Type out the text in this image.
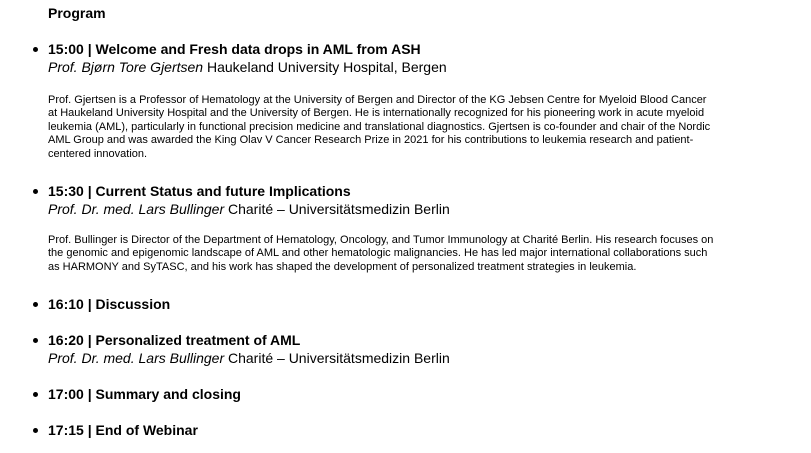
Program
15:00 | Welcome and Fresh data drops in AML from ASH
Prof. Bjørn Tore Gjertsen Haukeland University Hospital, Bergen
Prof. Gjertsen is a Professor of Hematology at the University of Bergen and Director of the KG Jebsen Centre for Myeloid Blood Cancer
at Haukeland University Hospital and the University of Bergen. He is internationally recognized for his pioneering work in acute myeloid
leukemia (AML), particularly in functional precision medicine and translational diagnostics. Gjertsen is co-founder and chair of the Nordic
AML Group and was awarded the King Olav V Cancer Research Prize in 2021 for his contributions to leukemia research and patient-
centered innovation.
15:30 | Current Status and future Implications
Prof. Dr. med. Lars Bullinger Charité – Universitätsmedizin Berlin
Prof. Bullinger is Director of the Department of Hematology, Oncology, and Tumor Immunology at Charité Berlin. His research focuses on
the genomic and epigenomic landscape of AML and other hematologic malignancies. He has led major international collaborations such
as HARMONY and SyTASC, and his work has shaped the development of personalized treatment strategies in leukemia.
16:10 | Discussion
16:20 | Personalized treatment of AML
Prof. Dr. med. Lars Bullinger Charité – Universitätsmedizin Berlin
17:00 | Summary and closing
17:15 | End of Webinar
